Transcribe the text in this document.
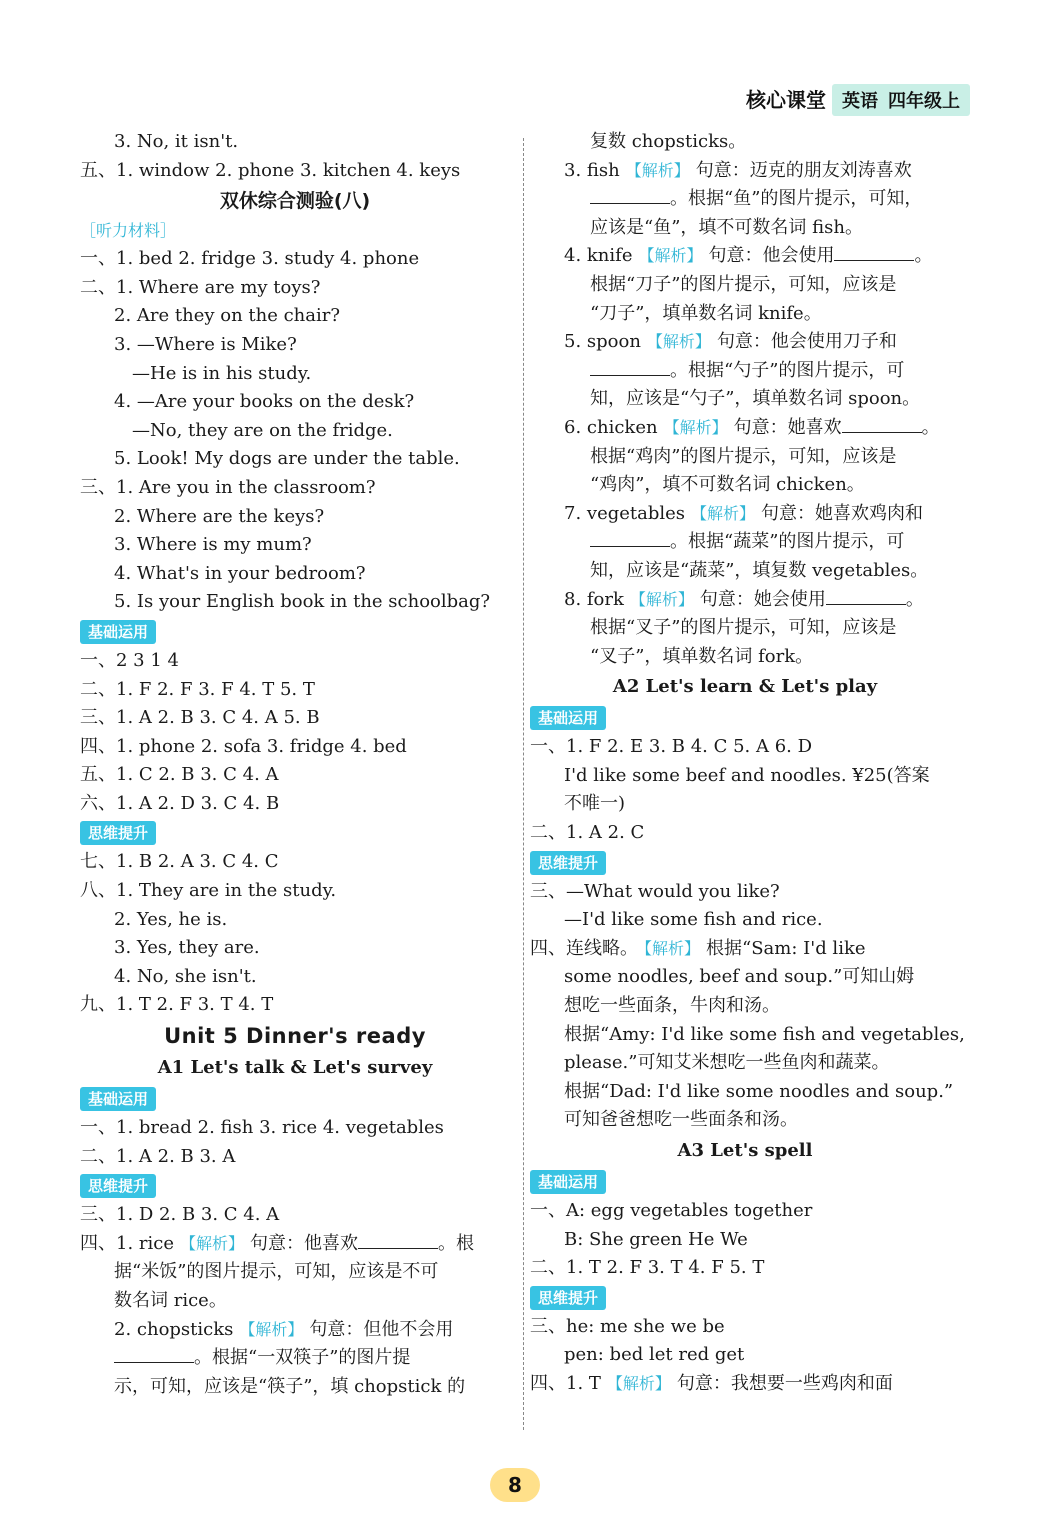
核心课堂 英语 四年级上
3. No, it isn't.
五、1. window 2. phone 3. kitchen 4. keys
双休综合测验(八)
［听力材料］
一、1. bed 2. fridge 3. study 4. phone
二、1. Where are my toys?
2. Are they on the chair?
3. —Where is Mike?
—He is in his study.
4. —Are your books on the desk?
—No, they are on the fridge.
5. Look! My dogs are under the table.
三、1. Are you in the classroom?
2. Where are the keys?
3. Where is my mum?
4. What's in your bedroom?
5. Is your English book in the schoolbag?
基础运用
一、2 3 1 4
二、1. F 2. F 3. F 4. T 5. T
三、1. A 2. B 3. C 4. A 5. B
四、1. phone 2. sofa 3. fridge 4. bed
五、1. C 2. B 3. C 4. A
六、1. A 2. D 3. C 4. B
思维提升
七、1. B 2. A 3. C 4. C
八、1. They are in the study.
2. Yes, he is.
3. Yes, they are.
4. No, she isn't.
九、1. T 2. F 3. T 4. T
Unit 5 Dinner's ready
A1 Let's talk & Let's survey
基础运用
一、1. bread 2. fish 3. rice 4. vegetables
二、1. A 2. B 3. A
思维提升
三、1. D 2. B 3. C 4. A
四、1. rice 【解析】 句意：他喜欢	。根
据“米饭”的图片提示，可知，应该是不可
数名词 rice。
2. chopsticks 【解析】 句意：但他不会用
。根据“一双筷子”的图片提
示，可知，应该是“筷子”，填 chopstick 的
复数 chopsticks。
3. fish 【解析】 句意：迈克的朋友刘涛喜欢
。根据“鱼”的图片提示，可知，
应该是“鱼”，填不可数名词 fish。
4. knife 【解析】 句意：他会使用	。
根据“刀子”的图片提示，可知，应该是
“刀子”，填单数名词 knife。
5. spoon 【解析】 句意：他会使用刀子和
。根据“勺子”的图片提示，可
知，应该是“勺子”，填单数名词 spoon。
6. chicken 【解析】 句意：她喜欢	。
根据“鸡肉”的图片提示，可知，应该是
“鸡肉”，填不可数名词 chicken。
7. vegetables 【解析】 句意：她喜欢鸡肉和
。根据“蔬菜”的图片提示，可
知，应该是“蔬菜”，填复数 vegetables。
8. fork 【解析】 句意：她会使用	。
根据“叉子”的图片提示，可知，应该是
“叉子”，填单数名词 fork。
A2 Let's learn & Let's play
基础运用
一、1. F 2. E 3. B 4. C 5. A 6. D
I'd like some beef and noodles. ¥25(答案
不唯一)
二、1. A 2. C
思维提升
三、—What would you like?
—I'd like some fish and rice.
四、连线略。 【解析】 根据“Sam: I'd like
some noodles, beef and soup.”可知山姆
想吃一些面条，牛肉和汤。
根据“Amy: I'd like some fish and vegetables,
please.”可知艾米想吃一些鱼肉和蔬菜。
根据“Dad: I'd like some noodles and soup.”
可知爸爸想吃一些面条和汤。
A3 Let's spell
基础运用
一、A: egg vegetables together
B: She green He We
二、1. T 2. F 3. T 4. F 5. T
思维提升
三、he: me she we be
pen: bed let red get
四、1. T 【解析】 句意：我想要一些鸡肉和面
8
